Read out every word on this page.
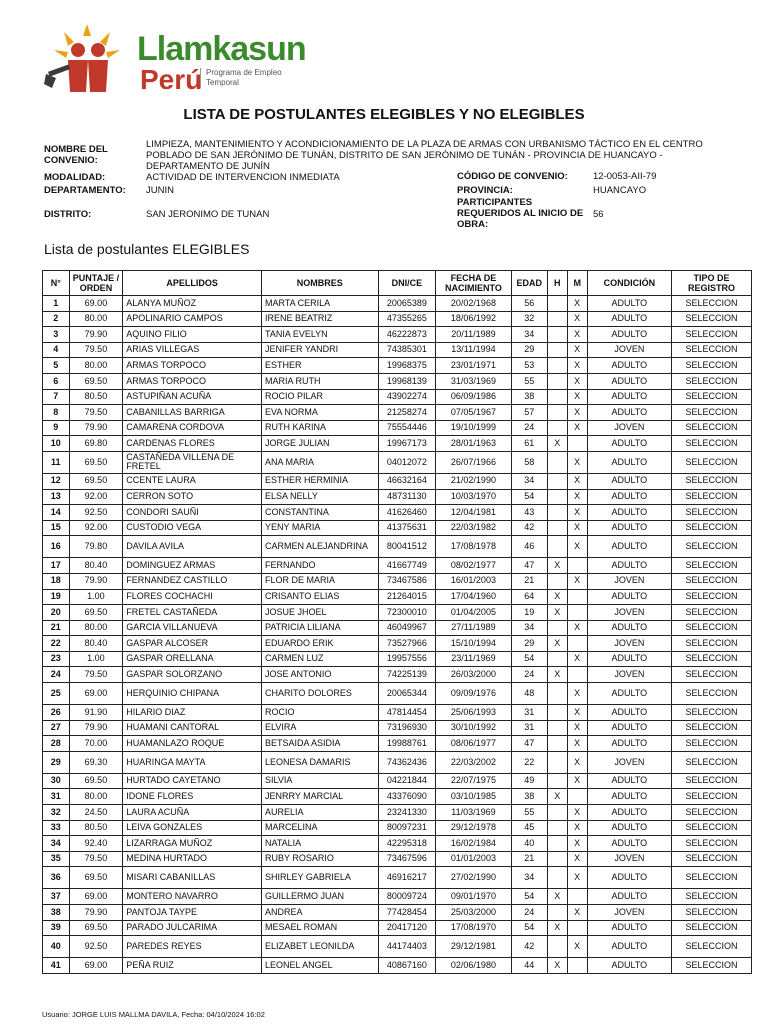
Llamkasun
Perú Programa de Empleo
Temporal
LISTA DE POSTULANTES ELEGIBLES Y NO ELEGIBLES
NOMBRE DEL CONVENIO:
LIMPIEZA, MANTENIMIENTO Y ACONDICIONAMIENTO DE LA PLAZA DE ARMAS CON URBANISMO TÁCTICO EN EL CENTRO POBLADO DE SAN JERÓNIMO DE TUNÁN, DISTRITO DE SAN JERÓNIMO DE TUNÁN - PROVINCIA DE HUANCAYO - DEPARTAMENTO DE JUNÍN
MODALIDAD:	ACTIVIDAD DE INTERVENCION INMEDIATA
DEPARTAMENTO: JUNIN
DISTRITO:	SAN JERONIMO DE TUNAN
CÓDIGO DE CONVENIO:	12-0053-AII-79
PROVINCIA:	HUANCAYO
PARTICIPANTES REQUERIDOS AL INICIO DE OBRA:
56
Lista de postulantes ELEGIBLES
N°	PUNTAJE / ORDEN	APELLIDOS	NOMBRES	DNI/CE	FECHA DE NACIMIENTO	EDAD	H	M	CONDICIÓN	TIPO DE REGISTRO
1	69.00	ALANYA MUÑOZ	MARTA CERILA	20065389	20/02/1968	56		X	ADULTO	SELECCION
2	80.00	APOLINARIO CAMPOS	IRENE BEATRIZ	47355265	18/06/1992	32		X	ADULTO	SELECCION
3	79.90	AQUINO FILIO	TANIA EVELYN	46222873	20/11/1989	34		X	ADULTO	SELECCION
4	79.50	ARIAS VILLEGAS	JENIFER YANDRI	74385301	13/11/1994	29		X	JOVEN	SELECCION
5	80.00	ARMAS TORPOCO	ESTHER	19968375	23/01/1971	53		X	ADULTO	SELECCION
6	69.50	ARMAS TORPOCO	MARIA RUTH	19968139	31/03/1969	55		X	ADULTO	SELECCION
7	80.50	ASTUPIÑAN ACUÑA	ROCIO PILAR	43902274	06/09/1986	38		X	ADULTO	SELECCION
8	79.50	CABANILLAS BARRIGA	EVA NORMA	21258274	07/05/1967	57		X	ADULTO	SELECCION
9	79.90	CAMARENA CORDOVA	RUTH KARINA	75554446	19/10/1999	24		X	JOVEN	SELECCION
10	69.80	CARDENAS FLORES	JORGE JULIAN	19967173	28/01/1963	61	X		ADULTO	SELECCION
11	69.50	CASTAÑEDA VILLENA DE FRETEL	ANA MARIA	04012072	26/07/1966	58		X	ADULTO	SELECCION
12	69.50	CCENTE LAURA	ESTHER HERMINIA	46632164	21/02/1990	34		X	ADULTO	SELECCION
13	92.00	CERRON SOTO	ELSA NELLY	48731130	10/03/1970	54		X	ADULTO	SELECCION
14	92.50	CONDORI SAUÑI	CONSTANTINA	41626460	12/04/1981	43		X	ADULTO	SELECCION
15	92.00	CUSTODIO VEGA	YENY MARIA	41375631	22/03/1982	42		X	ADULTO	SELECCION
16	79.80	DAVILA AVILA	CARMEN ALEJANDRINA	80041512	17/08/1978	46		X	ADULTO	SELECCION
17	80.40	DOMINGUEZ ARMAS	FERNANDO	41667749	08/02/1977	47	X		ADULTO	SELECCION
18	79.90	FERNANDEZ CASTILLO	FLOR DE MARIA	73467586	16/01/2003	21		X	JOVEN	SELECCION
19	1.00	FLORES COCHACHI	CRISANTO ELIAS	21264015	17/04/1960	64	X		ADULTO	SELECCION
20	69.50	FRETEL CASTAÑEDA	JOSUE JHOEL	72300010	01/04/2005	19	X		JOVEN	SELECCION
21	80.00	GARCIA VILLANUEVA	PATRICIA LILIANA	46049967	27/11/1989	34		X	ADULTO	SELECCION
22	80.40	GASPAR ALCOSER	EDUARDO ERIK	73527966	15/10/1994	29	X		JOVEN	SELECCION
23	1.00	GASPAR ORELLANA	CARMEN LUZ	19957556	23/11/1969	54		X	ADULTO	SELECCION
24	79.50	GASPAR SOLORZANO	JOSE ANTONIO	74225139	26/03/2000	24	X		JOVEN	SELECCION
25	69.00	HERQUINIO CHIPANA	CHARITO DOLORES	20065344	09/09/1976	48		X	ADULTO	SELECCION
26	91.90	HILARIO DIAZ	ROCIO	47814454	25/06/1993	31		X	ADULTO	SELECCION
27	79.90	HUAMANI CANTORAL	ELVIRA	73196930	30/10/1992	31		X	ADULTO	SELECCION
28	70.00	HUAMANLAZO ROQUE	BETSAIDA ASIDIA	19988761	08/06/1977	47		X	ADULTO	SELECCION
29	69.30	HUARINGA MAYTA	LEONESA DAMARIS	74362436	22/03/2002	22		X	JOVEN	SELECCION
30	69.50	HURTADO CAYETANO	SILVIA	04221844	22/07/1975	49		X	ADULTO	SELECCION
31	80.00	IDONE FLORES	JENRRY MARCIAL	43376090	03/10/1985	38	X		ADULTO	SELECCION
32	24.50	LAURA ACUÑA	AURELIA	23241330	11/03/1969	55		X	ADULTO	SELECCION
33	80.50	LEIVA GONZALES	MARCELINA	80097231	29/12/1978	45		X	ADULTO	SELECCION
34	92.40	LIZARRAGA MUÑOZ	NATALIA	42295318	16/02/1984	40		X	ADULTO	SELECCION
35	79.50	MEDINA HURTADO	RUBY ROSARIO	73467596	01/01/2003	21		X	JOVEN	SELECCION
36	69.50	MISARI CABANILLAS	SHIRLEY GABRIELA	46916217	27/02/1990	34		X	ADULTO	SELECCION
37	69.00	MONTERO NAVARRO	GUILLERMO JUAN	80009724	09/01/1970	54	X		ADULTO	SELECCION
38	79.90	PANTOJA TAYPE	ANDREA	77428454	25/03/2000	24		X	JOVEN	SELECCION
39	69.50	PARADO JULCARIMA	MESAEL ROMAN	20417120	17/08/1970	54	X		ADULTO	SELECCION
40	92.50	PAREDES REYES	ELIZABET LEONILDA	44174403	29/12/1981	42		X	ADULTO	SELECCION
41	69.00	PEÑA RUIZ	LEONEL ANGEL	40867160	02/06/1980	44	X		ADULTO	SELECCION
Usuario: JORGE LUIS MALLMA DAVILA, Fecha: 04/10/2024 16:02
